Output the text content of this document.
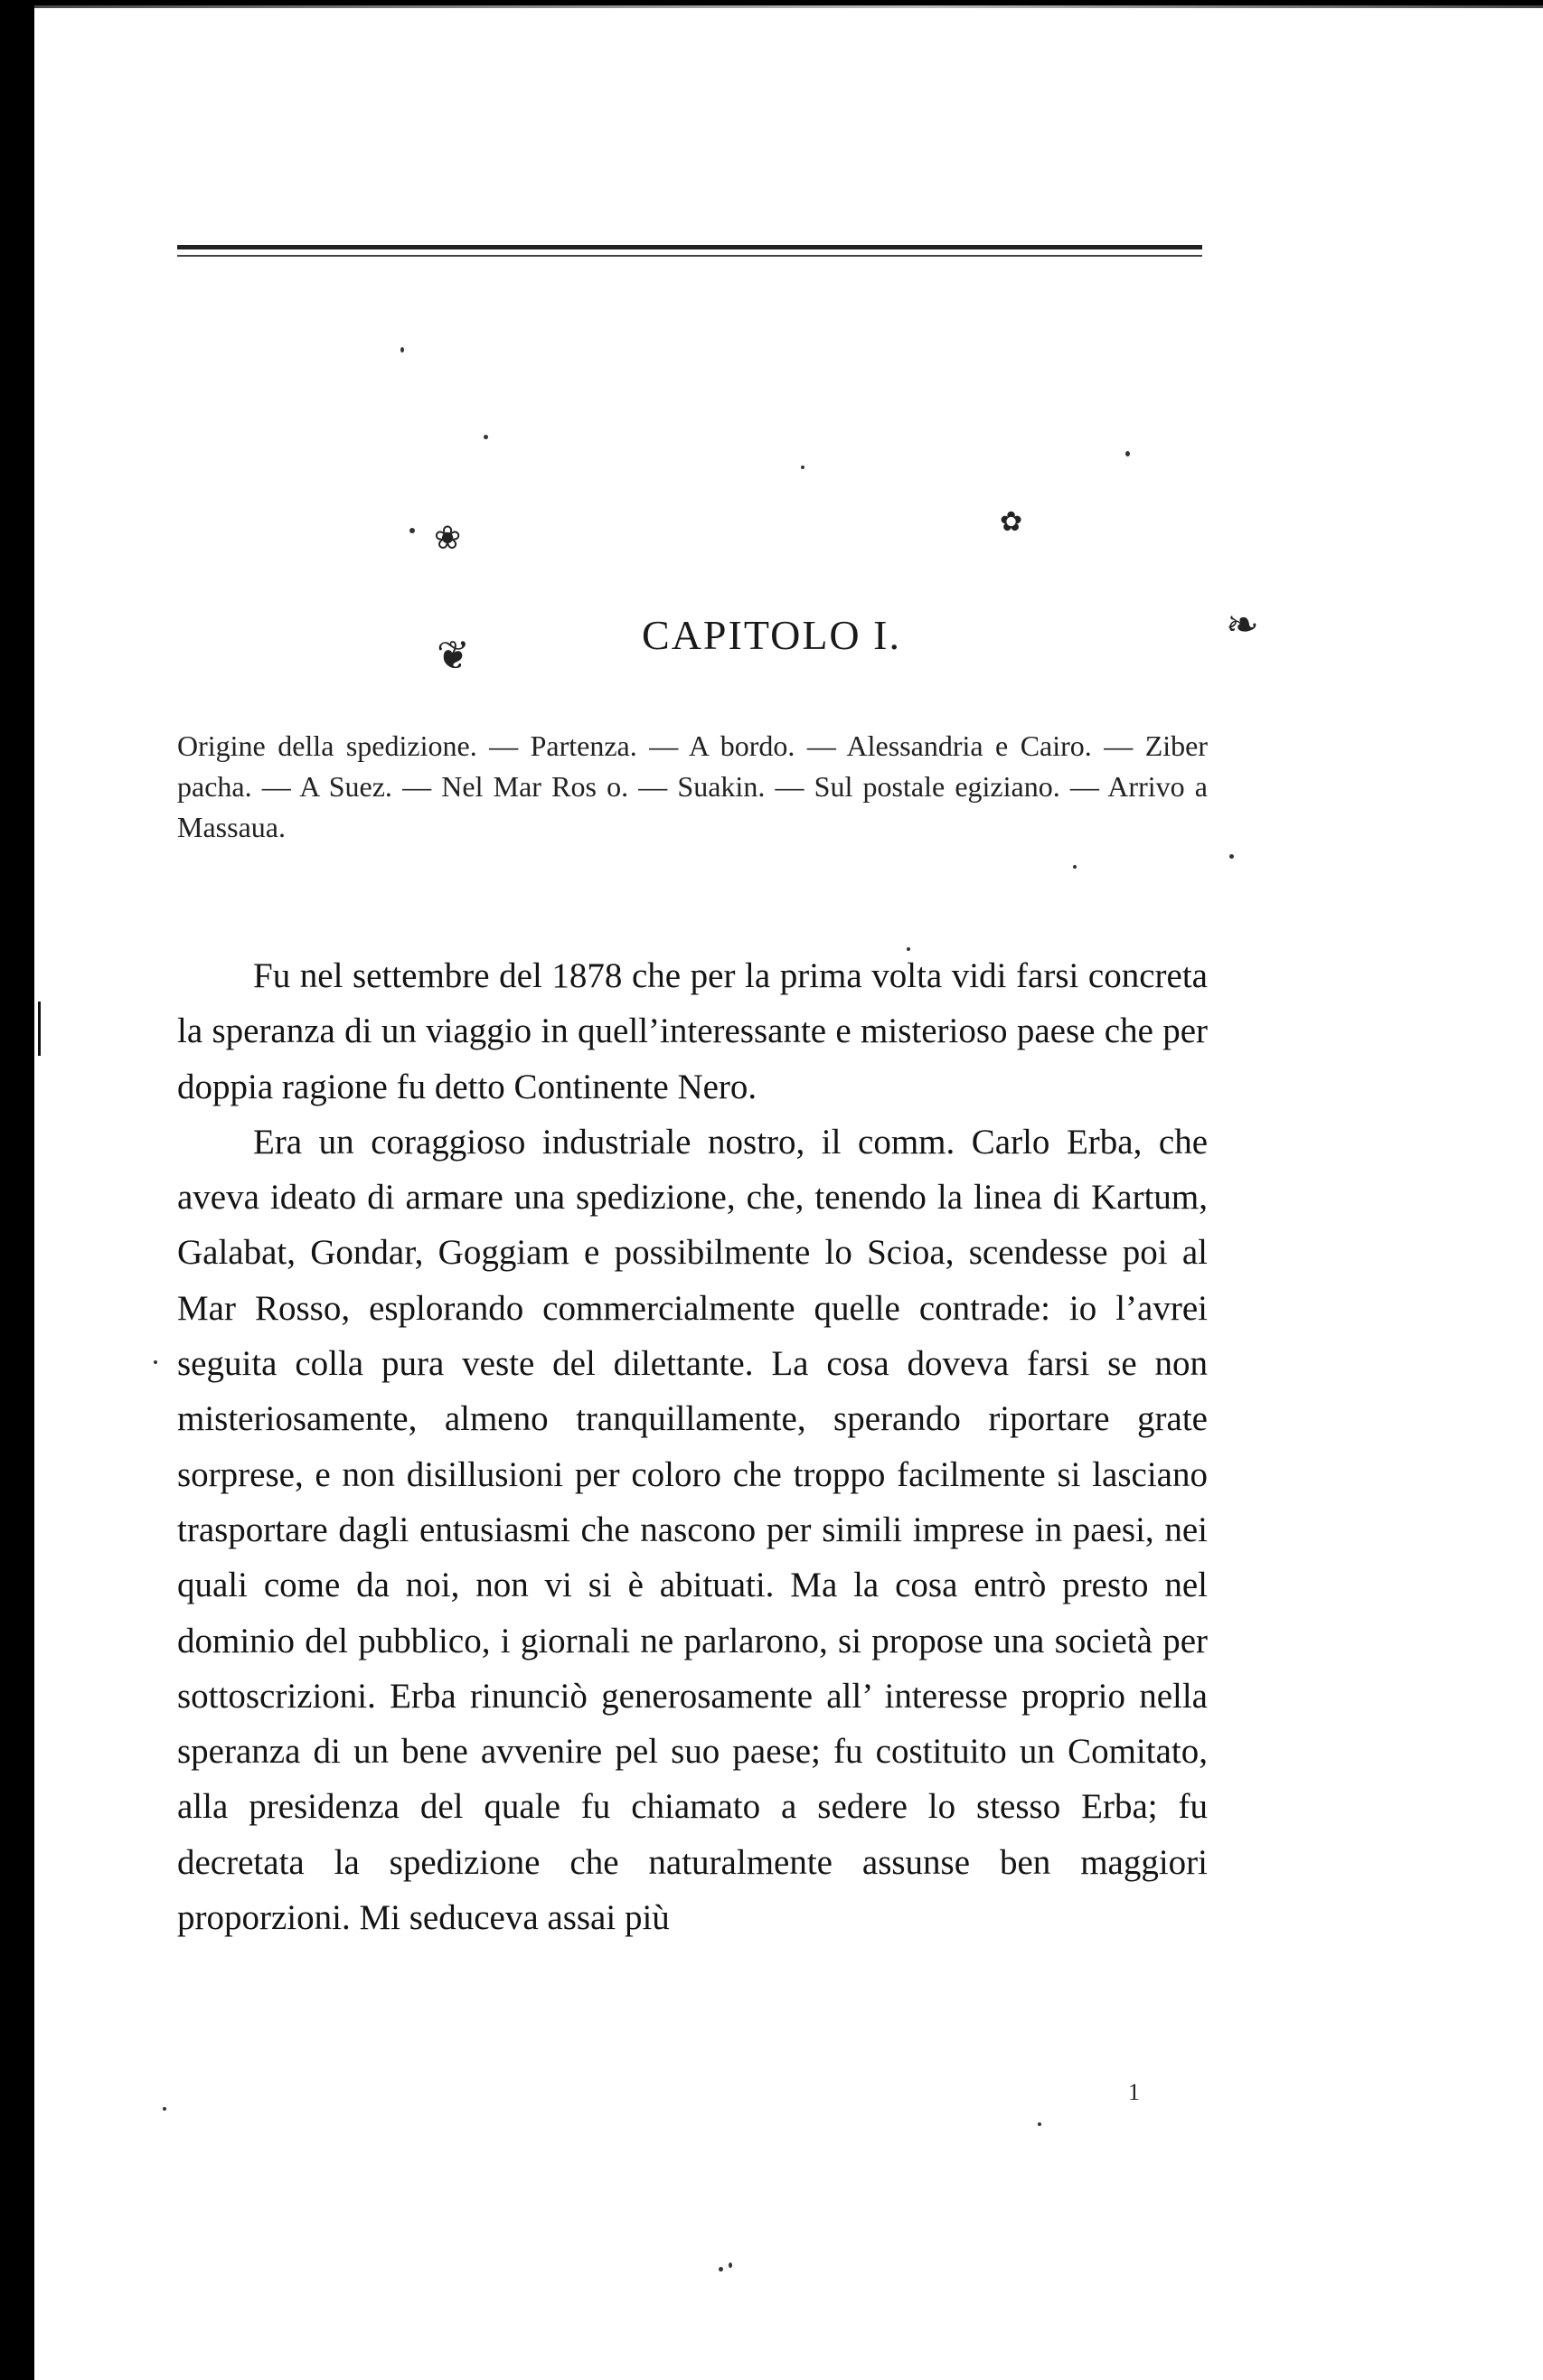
❦
❧
❀	✿
CAPITOLO I.
Origine della spedizione. — Partenza. — A bordo. — Alessandria e Cairo. — Ziber pacha. — A Suez. — Nel Mar Ros o. — Suakin. — Sul postale egiziano. — Arrivo a Massaua.

Fu nel settembre del 1878 che per la prima volta vidi farsi concreta la speranza di un viaggio in quell’interessante e misterioso paese che per doppia ragione fu detto Continente Nero.

Era un coraggioso industriale nostro, il comm. Carlo Erba, che aveva ideato di armare una spedizione, che, tenendo la linea di Kartum, Galabat, Gondar, Goggiam e possibilmente lo Scioa, scendesse poi al Mar Rosso, esplorando commercialmente quelle contrade: io l’avrei seguita colla pura veste del dilettante. La cosa doveva farsi se non misteriosamente, almeno tranquillamente, sperando riportare grate sorprese, e non disillusioni per coloro che troppo facilmente si lasciano trasportare dagli entusiasmi che nascono per simili imprese in paesi, nei quali come da noi, non vi si è abituati. Ma la cosa entrò presto nel dominio del pubblico, i giornali ne parlarono, si propose una società per sottoscrizioni. Erba rinunciò generosamente all’ interesse proprio nella speranza di un bene avvenire pel suo paese; fu costituito un Comitato, alla presidenza del quale fu chiamato a sedere lo stesso Erba; fu decretata la spedizione che naturalmente assunse ben maggiori proporzioni. Mi seduceva assai più

1
